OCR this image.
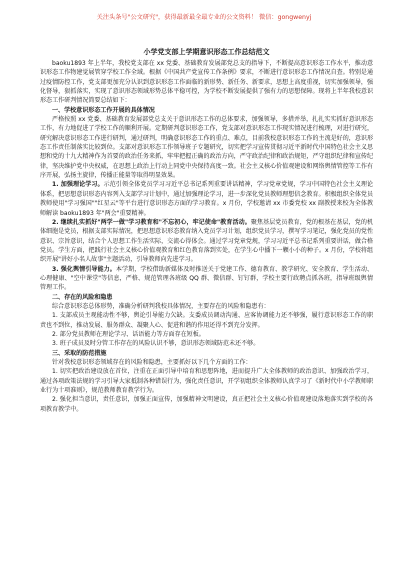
关注头条号"公文研究"，获得最新最全最专业的公文资料！ 微信：gongwenyj
小学党支部上学期意识形态工作总结范文

baoku1893 年上半年，我校党支部在 xx 党委、基础教育发展部党总支的指导下，不断提高意识形态工作水平，推动意识形态工作物建觉展管穿学校工作全域。根据《中国共产党宣传工作条例》要求，不断进行意识形态工作情况自查。特别是通过疫情防控工作，党支部更加充分认识到意识形态工作面临的新形势、新任务、新要求，思想上高度重视，切实加强领导，强化督导，狠抓落实，实现了意识形态领域形势总体平稳可控，为学校不断发展提供了强有力的思想保障。现将上半年我校意识形态工作研判情况简要总结如下：

一、学校意识形态工作开展的具体情况

严格按照 xx 党委、基础教育发展部党总支关于意识形态工作的总体要求，加强领导，多措并举，扎扎实实抓好意识形态工作，有力地促进了学校工作的顺利开展。定期研判意识形态工作，党支部对意识形态工作现实情况进行梳理，对进行研究，研究解决意识形态工作进行研判，通过研判，明确意识形态工作的重点、难点，目前我校意识形态工作的主流是好的，意识形态工作责任制落实比较到位。支部对意识形态工作领导班子专题研究，切实把学习宣传贯彻习近平新时代中国特色社会主义思想和党的十九大精神作为首要的政治任务来抓，牢牢把握正确的政治方向，严守政治纪律和政治规矩，严守组织纪律和宣传纪律，坚决维护党中央权威，在思想上政治上行动上同党中央保持高度一致。社会主义核心价值观建设和网络舆情管控等工作有序开展，弘扬主旋律，传播正能量等取得明显效果。

1. 加强理论学习。示范引领全体党员学习习近平总书记系列重要讲话精神，学习党章党规，学习中国特色社会主义理论体系，把思想意识形态内容列入支部学习计划中，通过加强理论学习，进一步深化党员教师理想信念教育。积极组织全体党员教师使用"学习强国""红星云"等平台进行意识形态方面的学习教育。x 月份，学校邀请 xx 市委党校 xx 副教授来校为全体教师解读 baoku1893 年"两会"重要精神。

2. 继续扎实抓好"两学一做"学习教育和"不忘初心，牢记使命"教育活动。聚焦基层党员教育，党的根基在基层，党的机体细胞是党员，根据支部实际情况，把思想意识形态教育纳入党员学习计划，组织党员学习，撰写学习笔记，强化党员的党性意识、宗旨意识，结合个人思想工作生活实际，交流心得体会。通过学习党章党规，学习习近平总书记系列重要讲话，做合格党员。学生方面，把践行社会主义核心价值观教育和红色教育落到实处，在学生心中播下一颗小小的种子。x 月份，学校将组织开展"讲好小名人故事"主题活动，引导教师向先进学习。

3. 强化舆情引导能力。本学期，学校借助新媒体及时推送关于党建工作、德育教育、教学研究、安全教育、学生活动、心理健康、"空中课堂"等信息，严格、规范管理各班级 QQ 群、微信群、钉钉群，学校主要行政聘点抓各班，指导班级舆情管理工作。

二、存在的风险和隐患

综合意识形态总体形势，准确分析研判我校具体情况，主要存在的风险和隐患有：

1. 支部成员主观能动性不够，舆论引导能力欠缺。支委成员调动沟通、应客协调能力还不够强，履行意识形态工作的职责也不到位，推动发展、服务群众、凝聚人心、促进和谐的作用还得不到充分发挥。

2. 部分党员教师在理论学习、话语能力等方面存在短板。

3. 班子成员及时分管工作存在的风险认识不够，意识形态领域防范未还不够。

三、采取的防范措施

针对我校意识形态领域存在的风险和隐患，主要抓好以下几个方面的工作：

1. 切实把政治建设放在首位，注重在正面引导中培育和思想阵地，进而提升广大全体教师的政治意识、加强政治学习，通过各项政策法规的学习引导大家抵制各种错误行为，强化责任意识，开学初组织全体教师认真学习了《新时代中小学教师职业行为十项准则》，规范教师教育教学行为。

2. 强化担当意识，责任意识，加强正面宣传，加强精神文明建设，真正把社会主义核心价值观建设落地落实到学校的各项教育教学中。
